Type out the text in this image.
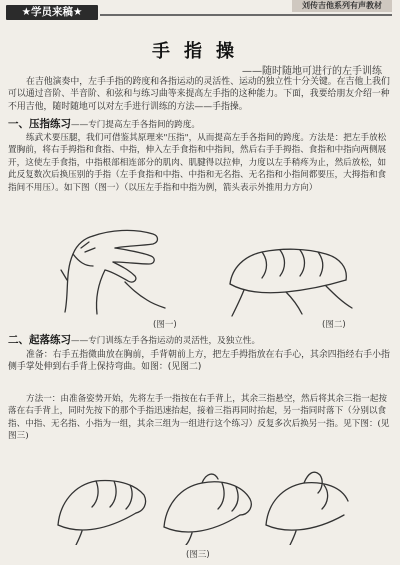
★学员来稿★
刘传吉他系列有声教材
手指操
——随时随地可进行的左手训练
在吉他演奏中，左手手指的跨度和各指运动的灵活性、运动的独立性十分关键。在吉他上我们可以通过音阶、半音阶、和弦和与练习曲等来提高左手指的这种能力。下面，我要给朋友介绍一种不用吉他，随时随地可以对左手进行训练的方法——手指操。
一、压指练习——专门提高左手各指间的跨度。
练武术要压腿，我们可借鉴其原理来"压指"，从而提高左手各指间的跨度。方法是：把左手放松置胸前，将右手拇指和食指、中指，伸入左手食指和中指间，然后右手手拇指、食指和中指向两侧展开，这使左手食指，中指根部相连部分的肌肉、肌腱得以拉伸，力度以左手稍疼为止，然后放松，如此反复数次后换压别的手指（左手食指和中指、中指和无名指、无名指和小指间都要压，大拇指和食指间不用压）。如下图（图一）（以压左手指和中指为例，箭头表示外推用力方向）
(图一)	(图二)
二、起落练习——专门训练左手各指运动的灵活性，及独立性。
准备：右手五指微曲放在胸前，手背朝前上方，把左手拇指放在右手心，其余四指经右手小指侧手掌处伸到右手背上保持弯曲。如图：(见图二)
方法一：由准备姿势开始，先将左手一指按在右手背上，其余三指悬空，然后将其余三指一起按落在右手背上，同时先按下的那个手指迅速抬起，接着三指再同时抬起，另一指同时落下（分别以食指、中指、无名指、小指为一组，其余三组为一组进行这个练习）反复多次后换另一指。见下图：(见图三)
(图三)
